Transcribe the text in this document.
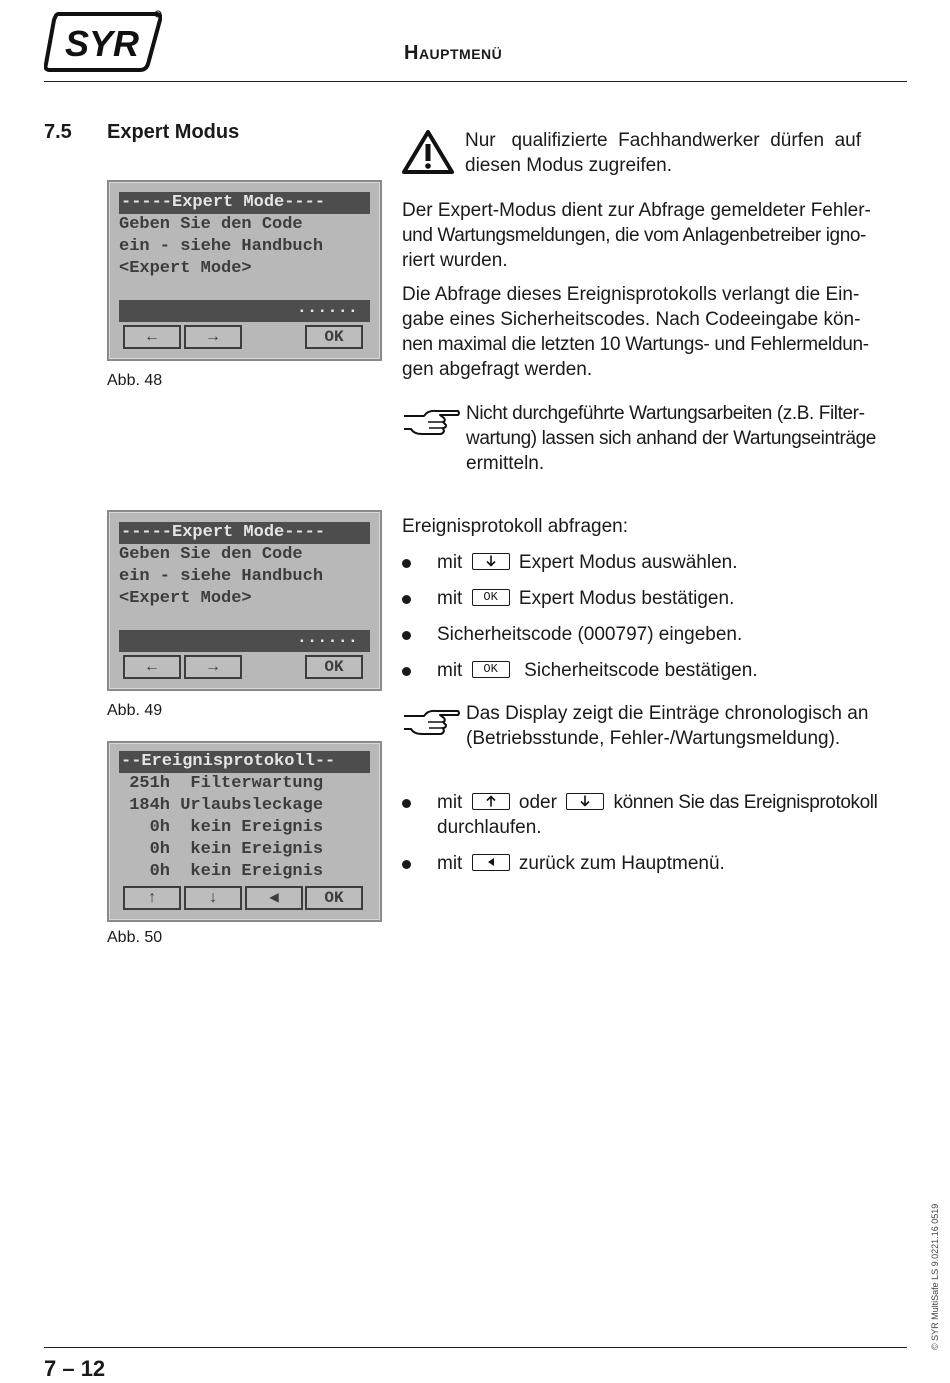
SYR	Hauptmenü
7.5 Expert Modus
-----Expert Mode----
Geben Sie den Code
ein - siehe Handbuch
<Expert Mode>
......
←	→	OK
Abb. 48
-----Expert Mode----
Geben Sie den Code
ein - siehe Handbuch
<Expert Mode>
......
←	→	OK
Abb. 49
--Ereignisprotokoll--
251h  Filterwartung
184h Urlaubsleckage
0h  kein Ereignis
0h  kein Ereignis
0h  kein Ereignis
↑	↓	◀	OK
Abb. 50
Nur   qualifizierte  Fachhandwerker  dürfen  auf
diesen Modus zugreifen.
Der Expert-Modus dient zur Abfrage gemeldeter Fehler-
und Wartungsmeldungen, die vom Anlagenbetreiber igno-
riert wurden.
Die Abfrage dieses Ereignisprotokolls verlangt die Ein-
gabe eines Sicherheitscodes. Nach Codeeingabe kön-
nen maximal die letzten 10 Wartungs- und Fehlermeldun-
gen abgefragt werden.
Nicht durchgeführte Wartungsarbeiten (z.B. Filter-
wartung) lassen sich anhand der Wartungseinträge
ermitteln.
Ereignisprotokoll abfragen:
mit	Expert Modus auswählen.
mit OK Expert Modus bestätigen.
Sicherheitscode (000797) eingeben.
mit OK  Sicherheitscode bestätigen.
Das Display zeigt die Einträge chronologisch an
(Betriebsstunde, Fehler-/Wartungsmeldung).
mit	oder	können Sie das Ereignisprotokoll
durchlaufen.
mit	zurück zum Hauptmenü.
7 – 12
© SYR MultiSafe LS 9.0221.16 0519
